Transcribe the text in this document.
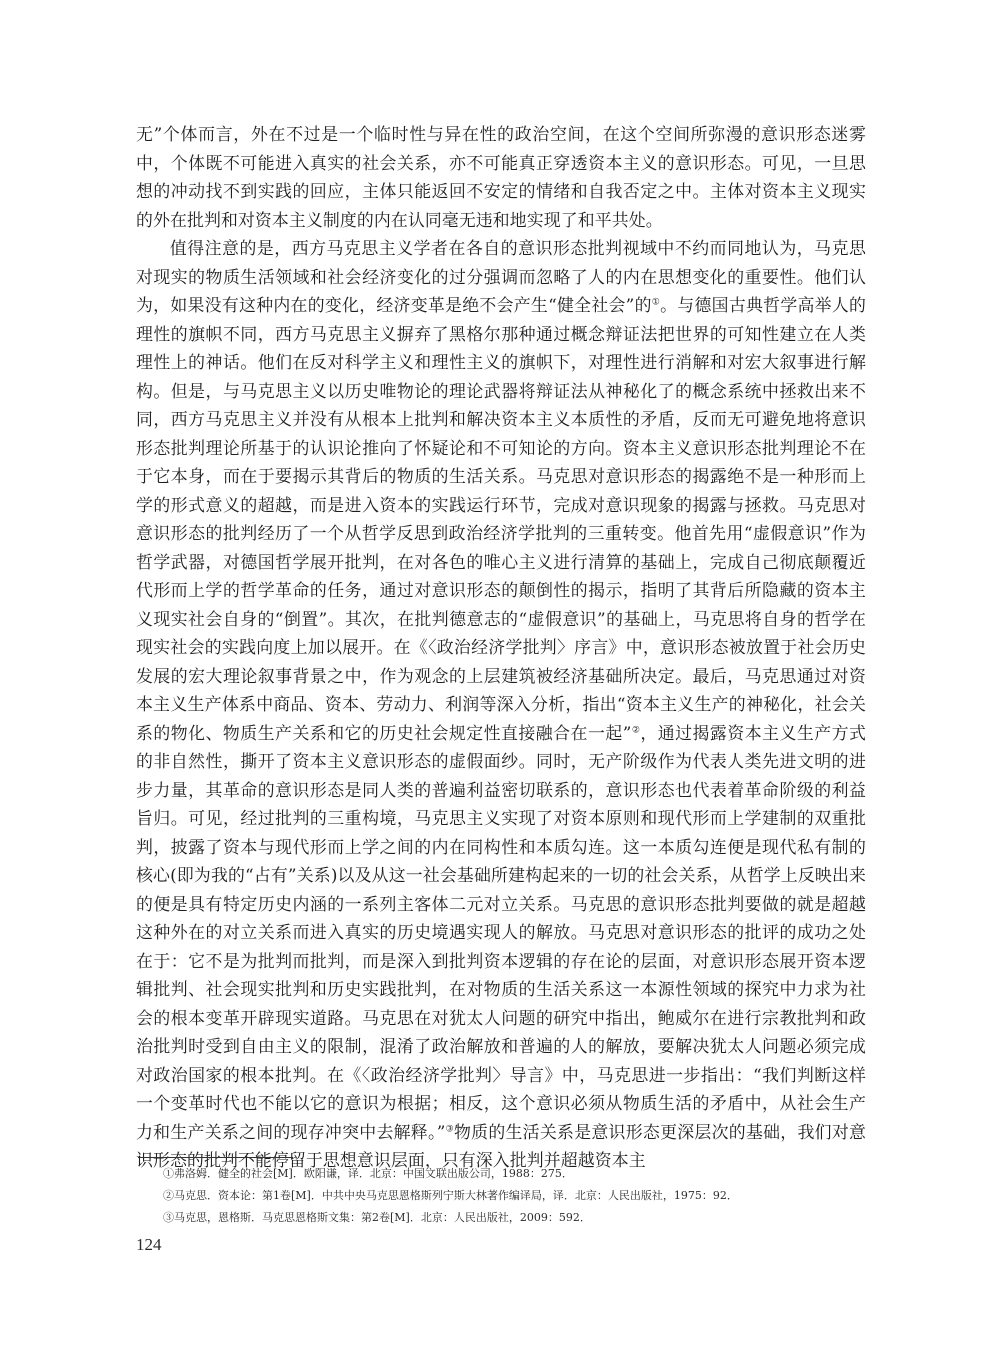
无”个体而言，外在不过是一个临时性与异在性的政治空间，在这个空间所弥漫的意识形态迷雾中，个体既不可能进入真实的社会关系，亦不可能真正穿透资本主义的意识形态。可见，一旦思想的冲动找不到实践的回应，主体只能返回不安定的情绪和自我否定之中。主体对资本主义现实的外在批判和对资本主义制度的内在认同毫无违和地实现了和平共处。

值得注意的是，西方马克思主义学者在各自的意识形态批判视域中不约而同地认为，马克思对现实的物质生活领域和社会经济变化的过分强调而忽略了人的内在思想变化的重要性。他们认为，如果没有这种内在的变化，经济变革是绝不会产生“健全社会”的①。与德国古典哲学高举人的理性的旗帜不同，西方马克思主义摒弃了黑格尔那种通过概念辩证法把世界的可知性建立在人类理性上的神话。他们在反对科学主义和理性主义的旗帜下，对理性进行消解和对宏大叙事进行解构。但是，与马克思主义以历史唯物论的理论武器将辩证法从神秘化了的概念系统中拯救出来不同，西方马克思主义并没有从根本上批判和解决资本主义本质性的矛盾，反而无可避免地将意识形态批判理论所基于的认识论推向了怀疑论和不可知论的方向。资本主义意识形态批判理论不在于它本身，而在于要揭示其背后的物质的生活关系。马克思对意识形态的揭露绝不是一种形而上学的形式意义的超越，而是进入资本的实践运行环节，完成对意识现象的揭露与拯救。马克思对意识形态的批判经历了一个从哲学反思到政治经济学批判的三重转变。他首先用“虚假意识”作为哲学武器，对德国哲学展开批判，在对各色的唯心主义进行清算的基础上，完成自己彻底颠覆近代形而上学的哲学革命的任务，通过对意识形态的颠倒性的揭示，指明了其背后所隐藏的资本主义现实社会自身的“倒置”。其次，在批判德意志的“虚假意识”的基础上，马克思将自身的哲学在现实社会的实践向度上加以展开。在《〈政治经济学批判〉序言》中，意识形态被放置于社会历史发展的宏大理论叙事背景之中，作为观念的上层建筑被经济基础所决定。最后，马克思通过对资本主义生产体系中商品、资本、劳动力、利润等深入分析，指出“资本主义生产的神秘化，社会关系的物化、物质生产关系和它的历史社会规定性直接融合在一起”②，通过揭露资本主义生产方式的非自然性，撕开了资本主义意识形态的虚假面纱。同时，无产阶级作为代表人类先进文明的进步力量，其革命的意识形态是同人类的普遍利益密切联系的，意识形态也代表着革命阶级的利益旨归。可见，经过批判的三重构境，马克思主义实现了对资本原则和现代形而上学建制的双重批判，披露了资本与现代形而上学之间的内在同构性和本质勾连。这一本质勾连便是现代私有制的核心(即为我的“占有”关系)以及从这一社会基础所建构起来的一切的社会关系，从哲学上反映出来的便是具有特定历史内涵的一系列主客体二元对立关系。马克思的意识形态批判要做的就是超越这种外在的对立关系而进入真实的历史境遇实现人的解放。马克思对意识形态的批评的成功之处在于：它不是为批判而批判，而是深入到批判资本逻辑的存在论的层面，对意识形态展开资本逻辑批判、社会现实批判和历史实践批判，在对物质的生活关系这一本源性领域的探究中力求为社会的根本变革开辟现实道路。马克思在对犹太人问题的研究中指出，鲍威尔在进行宗教批判和政治批判时受到自由主义的限制，混淆了政治解放和普遍的人的解放，要解决犹太人问题必须完成对政治国家的根本批判。在《〈政治经济学批判〉导言》中，马克思进一步指出：“我们判断这样一个变革时代也不能以它的意识为根据；相反，这个意识必须从物质生活的矛盾中，从社会生产力和生产关系之间的现存冲突中去解释。”③物质的生活关系是意识形态更深层次的基础，我们对意识形态的批判不能停留于思想意识层面，只有深入批判并超越资本主

①弗洛姆．健全的社会[M]．欧阳谦，译．北京：中国文联出版公司，1988：275．
②马克思．资本论：第1卷[M]．中共中央马克思恩格斯列宁斯大林著作编译局，译．北京：人民出版社，1975：92．
③马克思，恩格斯．马克思恩格斯文集：第2卷[M]．北京：人民出版社，2009：592．
124
